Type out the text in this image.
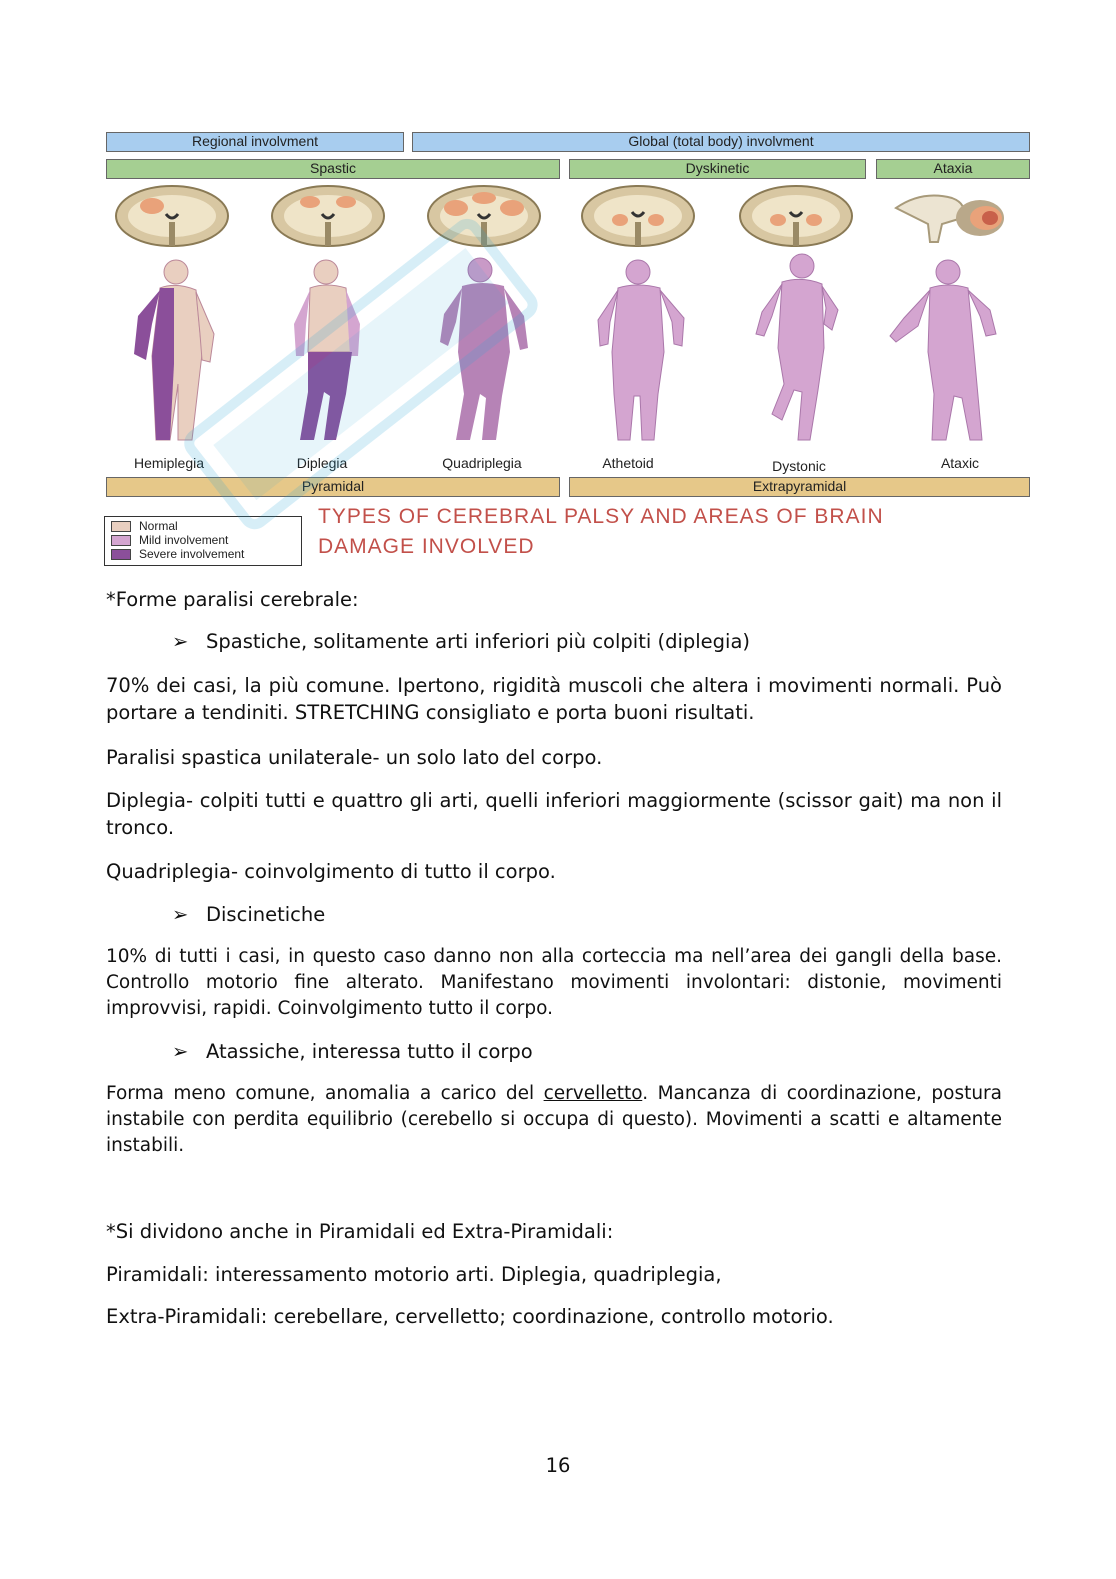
Regional involvment	Global (total body) involvment
Spastic	Dyskinetic	Ataxia
Hemiplegia	Diplegia	Quadriplegia	Athetoid	Dystonic	Ataxic
Pyramidal	Extrapyramidal
Normal
Mild involvement
Severe involvement
TYPES OF CEREBRAL PALSY AND AREAS OF BRAIN
DAMAGE INVOLVED
*Forme paralisi cerebrale:
➢ Spastiche, solitamente arti inferiori più colpiti (diplegia)
70% dei casi, la più comune. Ipertono, rigidità muscoli che altera i movimenti normali. Può portare a tendiniti. STRETCHING consigliato e porta buoni risultati.
Paralisi spastica unilaterale- un solo lato del corpo.
Diplegia- colpiti tutti e quattro gli arti, quelli inferiori maggiormente (scissor gait) ma non il tronco.
Quadriplegia- coinvolgimento di tutto il corpo.
➢ Discinetiche
10% di tutti i casi, in questo caso danno non alla corteccia ma nell’area dei gangli della base. Controllo motorio fine alterato. Manifestano movimenti involontari: distonie, movimenti improvvisi, rapidi. Coinvolgimento tutto il corpo.
➢ Atassiche, interessa tutto il corpo
Forma meno comune, anomalia a carico del cervelletto. Mancanza di coordinazione, postura instabile con perdita equilibrio (cerebello si occupa di questo). Movimenti a scatti e altamente instabili.
*Si dividono anche in Piramidali ed Extra-Piramidali:
Piramidali: interessamento motorio arti. Diplegia, quadriplegia,
Extra-Piramidali: cerebellare, cervelletto; coordinazione, controllo motorio.
16
